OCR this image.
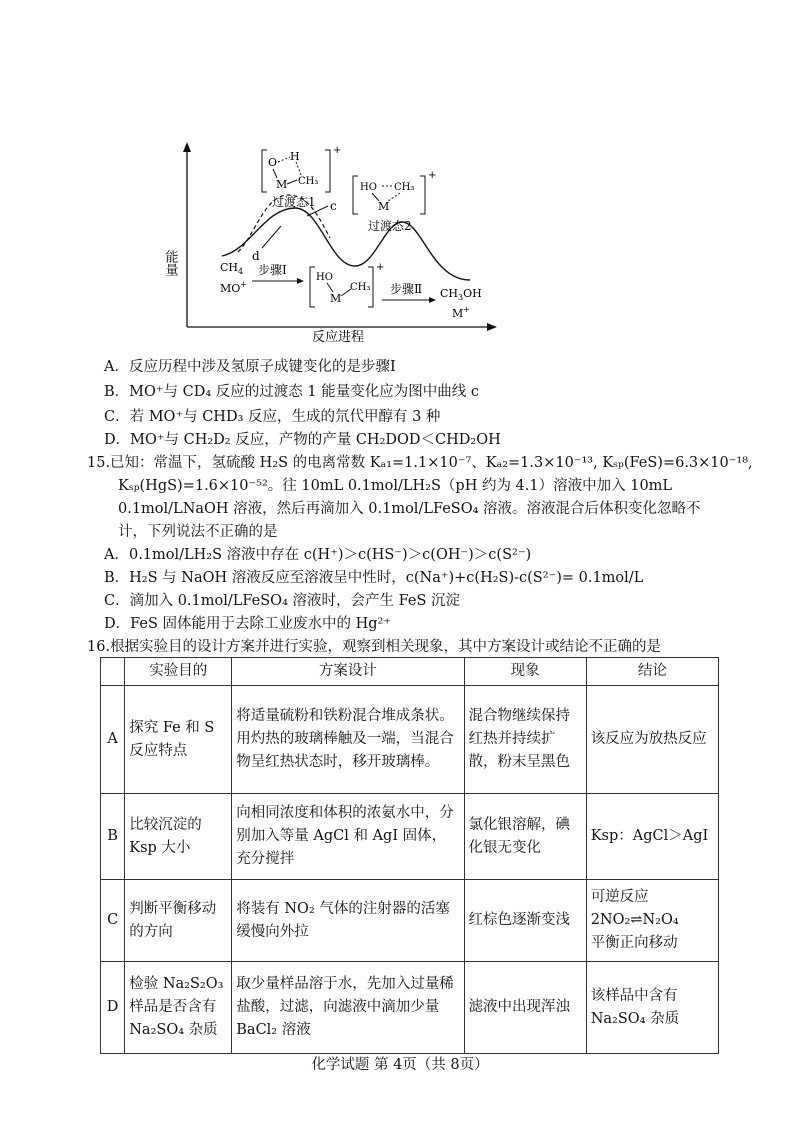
能量
反应进程
c
d
+
O H
M CH₃
过渡态1
+
HO CH₃
M
过渡态2
$CH_4$
MO+
步骤Ⅰ	+
HO
M
CH₃ 步骤Ⅱ $CH_3OH$
M+
A．反应历程中涉及氢原子成键变化的是步骤Ⅰ
B．MO⁺与 CD₄ 反应的过渡态 1 能量变化应为图中曲线 c
C．若 MO⁺与 CHD₃ 反应，生成的氘代甲醇有 3 种
D．MO⁺与 CH₂D₂ 反应，产物的产量 CH₂DOD＜CHD₂OH
15.已知：常温下，氢硫酸 H₂S 的电离常数 Kₐ₁=1.1×10⁻⁷、Kₐ₂=1.3×10⁻¹³, Kₛₚ(FeS)=6.3×10⁻¹⁸,
Kₛₚ(HgS)=1.6×10⁻⁵²。往 10mL 0.1mol/LH₂S（pH 约为 4.1）溶液中加入 10mL
0.1mol/LNaOH 溶液，然后再滴加入 0.1mol/LFeSO₄ 溶液。溶液混合后体积变化忽略不
计，下列说法不正确的是
A．0.1mol/LH₂S 溶液中存在 c(H⁺)＞c(HS⁻)＞c(OH⁻)＞c(S²⁻)
B．H₂S 与 NaOH 溶液反应至溶液呈中性时，c(Na⁺)+c(H₂S)-c(S²⁻)= 0.1mol/L
C．滴加入 0.1mol/LFeSO₄ 溶液时，会产生 FeS 沉淀
D．FeS 固体能用于去除工业废水中的 Hg²⁺
16.根据实验目的设计方案并进行实验，观察到相关现象，其中方案设计或结论不正确的是
	实验目的	方案设计	现象	结论
A	探究 Fe 和 S 反应特点	将适量硫粉和铁粉混合堆成条状。用灼热的玻璃棒触及一端，当混合物呈红热状态时，移开玻璃棒。	混合物继续保持红热并持续扩散，粉末呈黑色	该反应为放热反应
B	比较沉淀的 Ksp 大小	向相同浓度和体积的浓氨水中，分别加入等量 AgCl 和 AgI 固体，充分搅拌	氯化银溶解，碘化银无变化	Ksp：AgCl＞AgI
C	判断平衡移动的方向	将装有 NO₂ 气体的注射器的活塞缓慢向外拉	红棕色逐渐变浅	可逆反应
2NO₂⇌N₂O₄
平衡正向移动

D	检验 Na₂S₂O₃样品是否含有 Na₂SO₄ 杂质	取少量样品溶于水，先加入过量稀盐酸，过滤，向滤液中滴加少量 BaCl₂ 溶液	滤液中出现浑浊	该样品中含有 Na₂SO₄ 杂质
化学试题 第 4页（共 8页）
